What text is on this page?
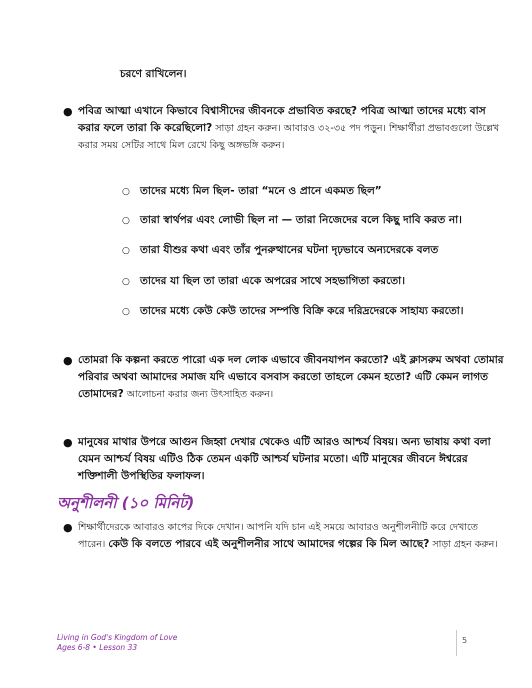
চরণে রাখিলেন।
● পবিত্র আত্মা এখানে কিভাবে বিশ্বাসীদের জীবনকে প্রভাবিত করছে? পবিত্র আত্মা তাদের মধ্যে বাস করার ফলে তারা কি করেছিলো? সাড়া গ্রহন করুন। আবারও ৩২-৩৫ পদ পড়ুন। শিক্ষার্থীরা প্রভাবগুলো উল্লেখ করার সময় সেটির সাথে মিল রেখে কিছু অঙ্গভঙ্গি করুন।
○ তাদের মধ্যে মিল ছিল- তারা “মনে ও প্রানে একমত ছিল”
○ তারা স্বার্থপর এবং লোভী ছিল না — তারা নিজেদের বলে কিছু দাবি করত না।
○ তারা যীশুর কথা এবং তাঁর পুনরুত্থানের ঘটনা দৃঢ়ভাবে অন্যদেরকে বলত
○ তাদের যা ছিল তা তারা একে অপরের সাথে সহভাগিতা করতো।
○ তাদের মধ্যে কেউ কেউ তাদের সম্পত্তি বিক্রি করে দরিদ্রদেরকে সাহায্য করতো।
● তোমরা কি কল্পনা করতে পারো এক দল লোক এভাবে জীবনযাপন করতো? এই ক্লাসরুম অথবা তোমার পরিবার অথবা আমাদের সমাজ যদি এভাবে বসবাস করতো তাহলে কেমন হতো? এটি কেমন লাগত তোমাদের? আলোচনা করার জন্য উৎসাহিত করুন।
● মানুষের মাথার উপরে আগুন জিহ্বা দেখার থেকেও এটি আরও আশ্চর্য বিষয়। অন্য ভাষায় কথা বলা যেমন আশ্চর্য বিষয় এটিও ঠিক তেমন একটি আশ্চর্য ঘটনার মতো। এটি মানুষের জীবনে ঈশ্বরের শক্তিশালী উপস্থিতির ফলাফল।
অনুশীলনী (১০ মিনিট)
● শিক্ষার্থীদেরকে আবারও কাপের দিকে দেখান। আপনি যদি চান এই সময়ে আবারও অনুশীলনীটি করে দেখাতে পারেন। কেউ কি বলতে পারবে এই অনুশীলনীর সাথে আমাদের গল্পের কি মিল আছে? সাড়া গ্রহন করুন।
Living in God's Kingdom of Love
Ages 6-8 • Lesson 33
5
